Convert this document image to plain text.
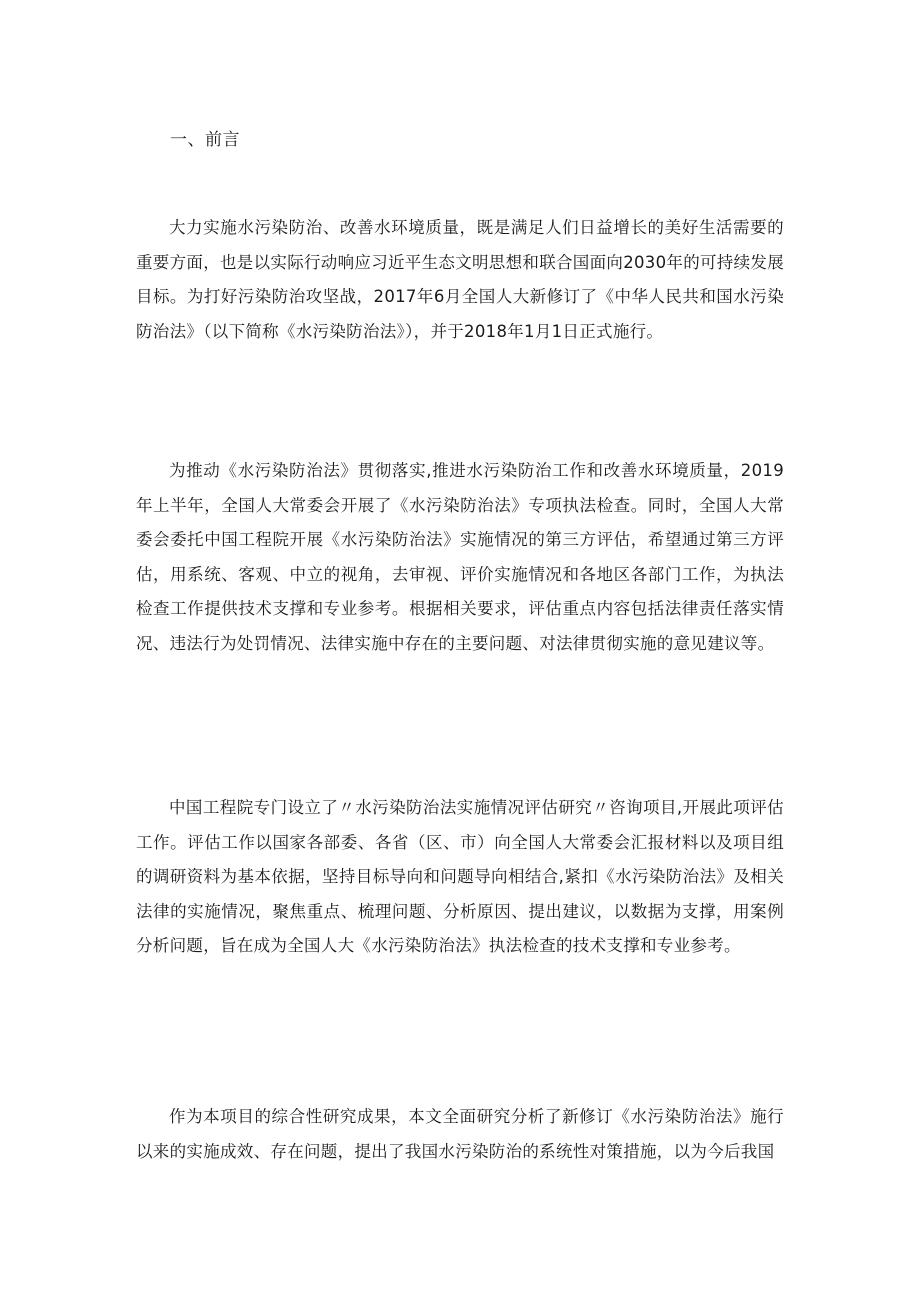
一、前言

大力实施水污染防治、改善水环境质量，既是满足人们日益增长的美好生活需要的重要方面，也是以实际行动响应习近平生态文明思想和联合国面向2030年的可持续发展目标。为打好污染防治攻坚战，2017年6月全国人大新修订了《中华人民共和国水污染防治法》（以下简称《水污染防治法》），并于2018年1月1日正式施行。

为推动《水污染防治法》贯彻落实,推进水污染防治工作和改善水环境质量，2019年上半年，全国人大常委会开展了《水污染防治法》专项执法检查。同时，全国人大常委会委托中国工程院开展《水污染防治法》实施情况的第三方评估，希望通过第三方评估，用系统、客观、中立的视角，去审视、评价实施情况和各地区各部门工作，为执法检查工作提供技术支撑和专业参考。根据相关要求，评估重点内容包括法律责任落实情况、违法行为处罚情况、法律实施中存在的主要问题、对法律贯彻实施的意见建议等。

中国工程院专门设立了〃水污染防治法实施情况评估研究〃咨询项目,开展此项评估工作。评估工作以国家各部委、各省（区、市）向全国人大常委会汇报材料以及项目组的调研资料为基本依据，坚持目标导向和问题导向相结合,紧扣《水污染防治法》及相关法律的实施情况，聚焦重点、梳理问题、分析原因、提出建议，以数据为支撑，用案例分析问题，旨在成为全国人大《水污染防治法》执法检查的技术支撑和专业参考。

作为本项目的综合性研究成果，本文全面研究分析了新修订《水污染防治法》施行以来的实施成效、存在问题，提出了我国水污染防治的系统性对策措施，以为今后我国
